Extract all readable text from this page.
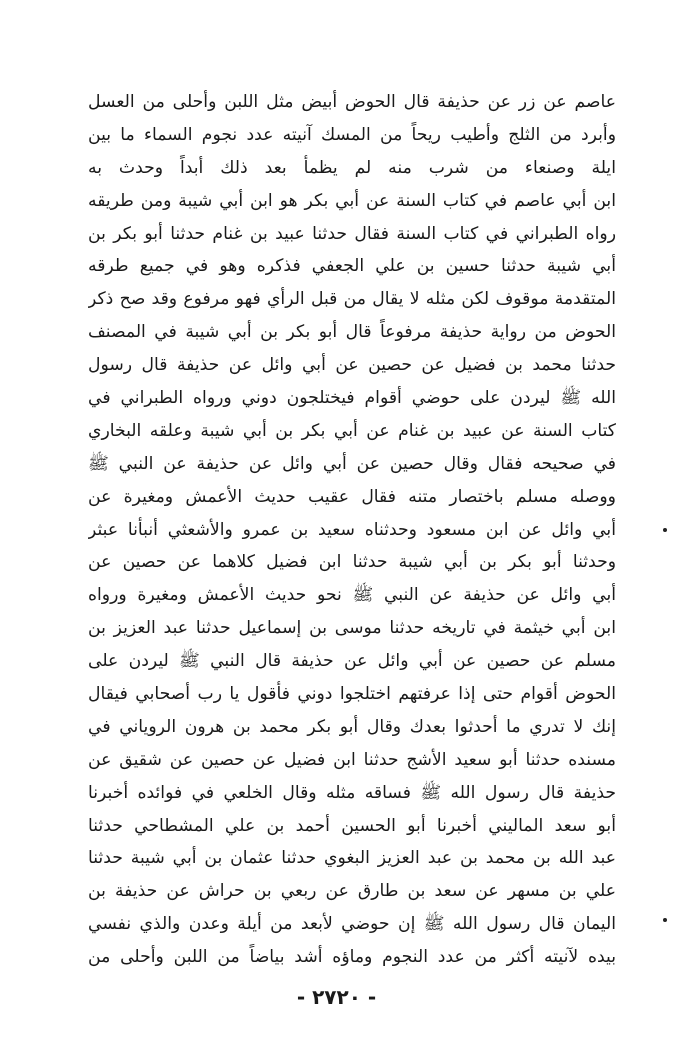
عاصم عن زر عن حذيفة قال الحوض أبيض مثل اللبن وأحلى من العسل
وأبرد من الثلج وأطيب ريحاً من المسك آنيته عدد نجوم السماء ما بين
ايلة وصنعاء من شرب منه لم يظمأ بعد ذلك أبداً وحدث به
ابن أبي عاصم في كتاب السنة عن أبي بكر هو ابن أبي شيبة ومن طريقه
رواه الطبراني في كتاب السنة فقال حدثنا عبيد بن غنام حدثنا أبو بكر بن
أبي شيبة حدثنا حسين بن علي الجعفي فذكره وهو في جميع طرقه
المتقدمة موقوف لكن مثله لا يقال من قبل الرأي فهو مرفوع وقد صح ذكر
الحوض من رواية حذيفة مرفوعاً قال أبو بكر بن أبي شيبة في المصنف
حدثنا محمد بن فضيل عن حصين عن أبي وائل عن حذيفة قال رسول
الله ﷺ ليردن على حوضي أقوام فيختلجون دوني ورواه الطبراني في
كتاب السنة عن عبيد بن غنام عن أبي بكر بن أبي شيبة وعلقه البخاري
في صحيحه فقال وقال حصين عن أبي وائل عن حذيفة عن النبي ﷺ
ووصله مسلم باختصار متنه فقال عقيب حديث الأعمش ومغيرة عن
أبي وائل عن ابن مسعود وحدثناه سعيد بن عمرو والأشعثي أنبأنا عبثر
وحدثنا أبو بكر بن أبي شيبة حدثنا ابن فضيل كلاهما عن حصين عن
أبي وائل عن حذيفة عن النبي ﷺ نحو حديث الأعمش ومغيرة ورواه
ابن أبي خيثمة في تاريخه حدثنا موسى بن إسماعيل حدثنا عبد العزيز بن
مسلم عن حصين عن أبي وائل عن حذيفة قال النبي ﷺ ليردن على
الحوض أقوام حتى إذا عرفتهم اختلجوا دوني فأقول يا رب أصحابي فيقال
إنك لا تدري ما أحدثوا بعدك وقال أبو بكر محمد بن هرون الروياني في
مسنده حدثنا أبو سعيد الأشج حدثنا ابن فضيل عن حصين عن شقيق عن
حذيفة قال رسول الله ﷺ فساقه مثله وقال الخلعي في فوائده أخبرنا
أبو سعد الماليني أخبرنا أبو الحسين أحمد بن علي المشطاحي حدثنا
عبد الله بن محمد بن عبد العزيز البغوي حدثنا عثمان بن أبي شيبة حدثنا
علي بن مسهر عن سعد بن طارق عن ربعي بن حراش عن حذيفة بن
اليمان قال رسول الله ﷺ إن حوضي لأبعد من أيلة وعدن والذي نفسي
بيده لآنيته أكثر من عدد النجوم وماؤه أشد بياضاً من اللبن وأحلى من
- ٢٧٢٠ -
